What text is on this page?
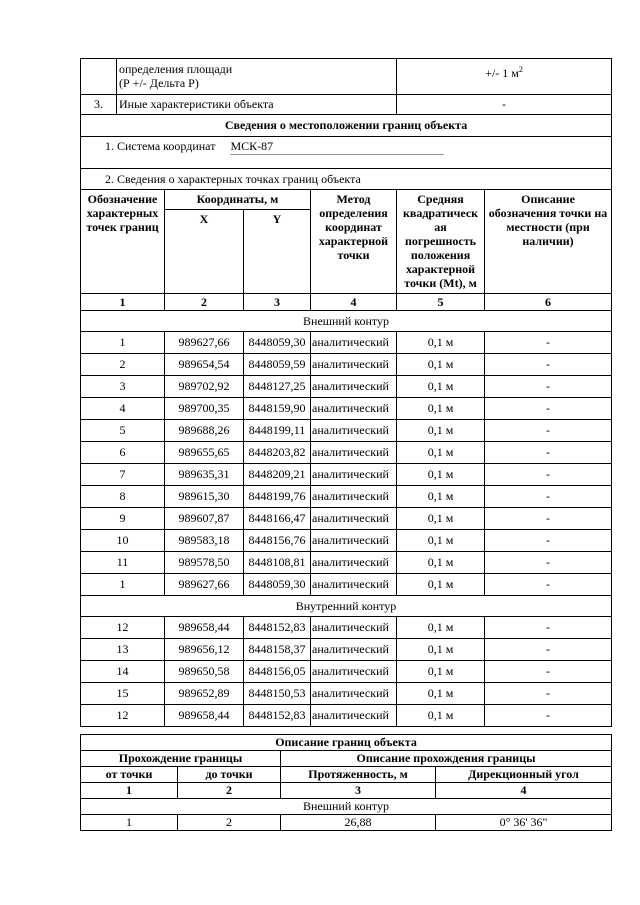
	определения площади
(Р +/- Дельта Р)				+/- 1 $м^2$
3.	Иные характеристики объекта				-	
Сведения о местоположении границ объекта						
1. Система координат МСК-87						
2. Сведения о характерных точках границ объекта						
Обозначение характерных точек границ		Координаты, м		Метод определения координат характерной точки	Средняя квадратическ ая погрешность положения характерной точки (Mt), м	Описание обозначения точки на местности (при наличии)
		X	Y			
1		2	3	4	5	6
Внешний контур						
1		989627,66	8448059,30	аналитический	0,1 м	-
2		989654,54	8448059,59	аналитический	0,1 м	-
3		989702,92	8448127,25	аналитический	0,1 м	-
4		989700,35	8448159,90	аналитический	0,1 м	-
5		989688,26	8448199,11	аналитический	0,1 м	-
6		989655,65	8448203,82	аналитический	0,1 м	-
7		989635,31	8448209,21	аналитический	0,1 м	-
8		989615,30	8448199,76	аналитический	0,1 м	-
9		989607,87	8448166,47	аналитический	0,1 м	-
10		989583,18	8448156,76	аналитический	0,1 м	-
11		989578,50	8448108,81	аналитический	0,1 м	-
1		989627,66	8448059,30	аналитический	0,1 м	-
Внутренний контур						
12		989658,44	8448152,83	аналитический	0,1 м	-
13		989656,12	8448158,37	аналитический	0,1 м	-
14		989650,58	8448156,05	аналитический	0,1 м	-
15		989652,89	8448150,53	аналитический	0,1 м	-
12		989658,44	8448152,83	аналитический	0,1 м	-
Описание границ объекта			
Прохождение границы		Описание прохождения границы	
от точки	до точки	Протяженность, м	Дирекционный угол
1	2	3	4
Внешний контур			
1	2	26,88	0° 36' 36"
